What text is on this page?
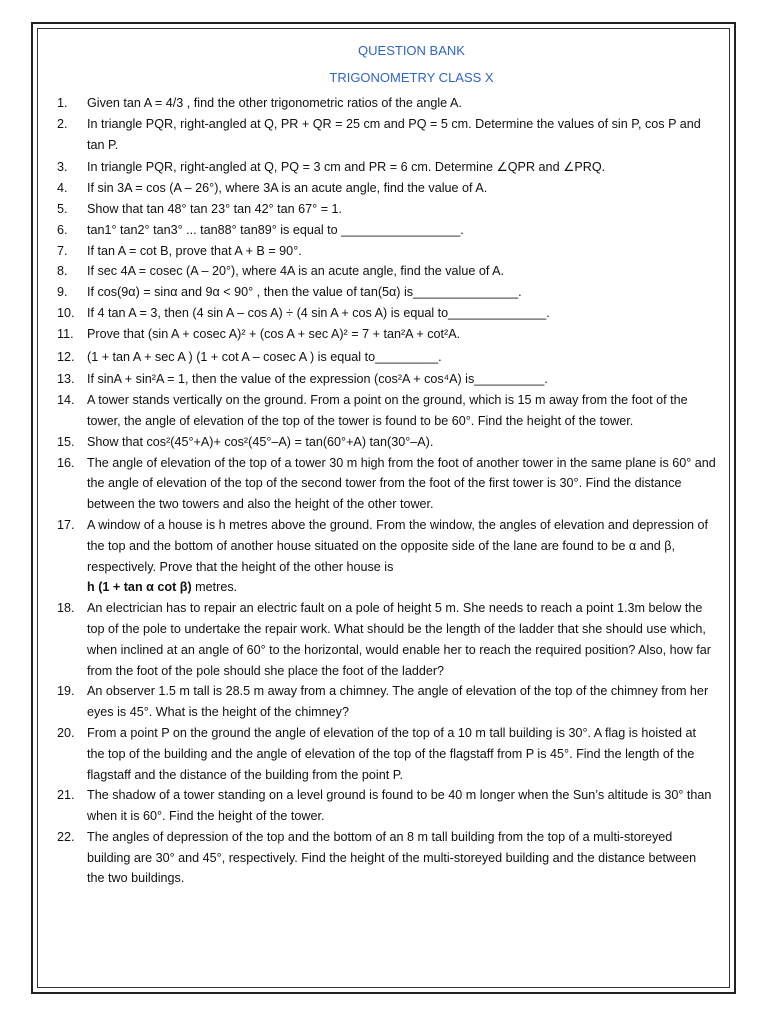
QUESTION BANK

TRIGONOMETRY CLASS X

1.	Given tan A = 4/3 , find the other trigonometric ratios of the angle A.
2.	In triangle PQR, right-angled at Q, PR + QR = 25 cm and PQ = 5 cm. Determine the values of sin P, cos P and tan P.
3.	In triangle PQR, right-angled at Q, PQ = 3 cm and PR = 6 cm. Determine ∠QPR and ∠PRQ.
4.	If sin 3A = cos (A – 26°), where 3A is an acute angle, find the value of A.
5.	Show that tan 48° tan 23° tan 42° tan 67° = 1.
6.	tan1° tan2° tan3° ... tan88° tan89° is equal to _________________.
7.	If tan A = cot B, prove that A + B = 90°.
8.	If sec 4A = cosec (A – 20°), where 4A is an acute angle, find the value of A.
9.	If cos(9α) = sinα and 9α < 90° , then the value of tan(5α) is_______________.
10. If 4 tan A = 3, then (4 sin A – cos A) ÷ (4 sin A + cos A) is equal to______________.
11.	Prove that (sin A + cosec A)² + (cos A + sec A)² = 7 + tan²A + cot²A.
12. (1 + tan A + sec A ) (1 + cot A – cosec A ) is equal to_________.
13. If sinA + sin²A = 1, then the value of the expression (cos²A + cos⁴A) is__________.
14. A tower stands vertically on the ground. From a point on the ground, which is 15 m away from the foot of the tower, the angle of elevation of the top of the tower is found to be 60°. Find the height of the tower.
15. Show that cos²(45°+A)+ cos²(45°–A) = tan(60°+A) tan(30°–A).
16. The angle of elevation of the top of a tower 30 m high from the foot of another tower in the same plane is 60° and the angle of elevation of the top of the second tower from the foot of the first tower is 30°. Find the distance between the two towers and also the height of the other tower.
17. A window of a house is h metres above the ground. From the window, the angles of elevation and depression of the top and the bottom of another house situated on the opposite side of the lane are found to be α and β, respectively. Prove that the height of the other house is
h (1 + tan α cot β) metres.
18. An electrician has to repair an electric fault on a pole of height 5 m. She needs to reach a point 1.3m below the top of the pole to undertake the repair work. What should be the length of the ladder that she should use which, when inclined at an angle of 60° to the horizontal, would enable her to reach the required position? Also, how far from the foot of the pole should she place the foot of the ladder?
19. An observer 1.5 m tall is 28.5 m away from a chimney. The angle of elevation of the top of the chimney from her eyes is 45°. What is the height of the chimney?
20. From a point P on the ground the angle of elevation of the top of a 10 m tall building is 30°. A flag is hoisted at the top of the building and the angle of elevation of the top of the flagstaff from P is 45°. Find the length of the flagstaff and the distance of the building from the point P.
21. The shadow of a tower standing on a level ground is found to be 40 m longer when the Sun’s altitude is 30° than when it is 60°. Find the height of the tower.
22. The angles of depression of the top and the bottom of an 8 m tall building from the top of a multi-storeyed building are 30° and 45°, respectively. Find the height of the multi-storeyed building and the distance between the two buildings.
